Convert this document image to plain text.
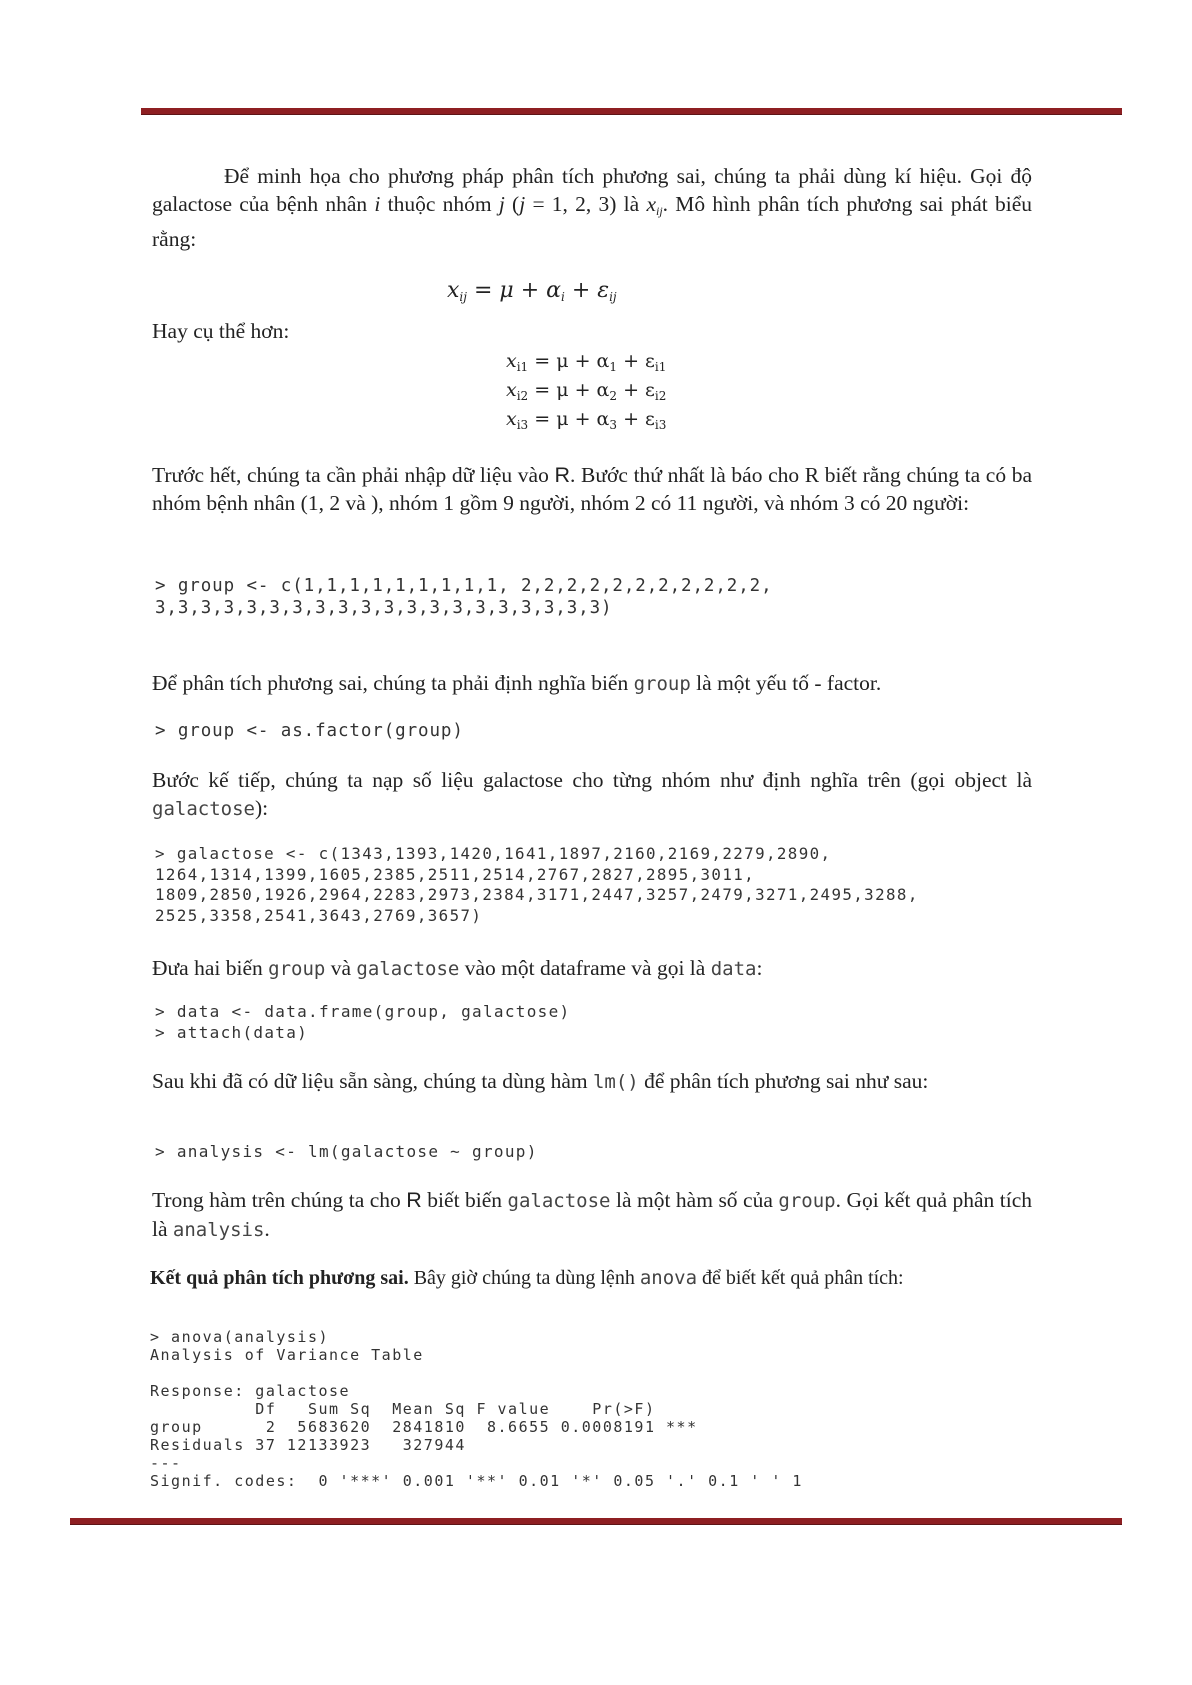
Để minh họa cho phương pháp phân tích phương sai, chúng ta phải dùng kí hiệu. Gọi độ galactose của bệnh nhân i thuộc nhóm j (j = 1, 2, 3) là $x_{ij}$. Mô hình phân tích phương sai phát biểu rằng:
$x_{ij} = \mu + \alpha_i + \varepsilon_{ij}$
Hay cụ thể hơn:
$x_{i1} = \mu + \alpha_1 + \varepsilon_{i1}$
$x_{i2} = \mu + \alpha_2 + \varepsilon_{i2}$
$x_{i3} = \mu + \alpha_3 + \varepsilon_{i3}$
Trước hết, chúng ta cần phải nhập dữ liệu vào R. Bước thứ nhất là báo cho R biết rằng chúng ta có ba nhóm bệnh nhân (1, 2 và ), nhóm 1 gồm 9 người, nhóm 2 có 11 người, và nhóm 3 có 20 người:
> group <- c(1,1,1,1,1,1,1,1,1, 2,2,2,2,2,2,2,2,2,2,2,
3,3,3,3,3,3,3,3,3,3,3,3,3,3,3,3,3,3,3,3)
Để phân tích phương sai, chúng ta phải định nghĩa biến group là một yếu tố - factor.
> group <- as.factor(group)
Bước kế tiếp, chúng ta nạp số liệu galactose cho từng nhóm như định nghĩa trên (gọi object là galactose):
> galactose <- c(1343,1393,1420,1641,1897,2160,2169,2279,2890,
1264,1314,1399,1605,2385,2511,2514,2767,2827,2895,3011,
1809,2850,1926,2964,2283,2973,2384,3171,2447,3257,2479,3271,2495,3288,
2525,3358,2541,3643,2769,3657)
Đưa hai biến group và galactose vào một dataframe và gọi là data:
> data <- data.frame(group, galactose)
> attach(data)
Sau khi đã có dữ liệu sẵn sàng, chúng ta dùng hàm lm() để phân tích phương sai như sau:
> analysis <- lm(galactose ~ group)
Trong hàm trên chúng ta cho R biết biến galactose là một hàm số của group. Gọi kết quả phân tích là analysis.
Kết quả phân tích phương sai. Bây giờ chúng ta dùng lệnh anova để biết kết quả phân tích:
> anova(analysis)
Analysis of Variance Table

Response: galactose
Df   Sum Sq  Mean Sq F value    Pr(>F)
group      2  5683620  2841810  8.6655 0.0008191 ***
Residuals 37 12133923   327944
---
Signif. codes:  0 '***' 0.001 '**' 0.01 '*' 0.05 '.' 0.1 ' ' 1
